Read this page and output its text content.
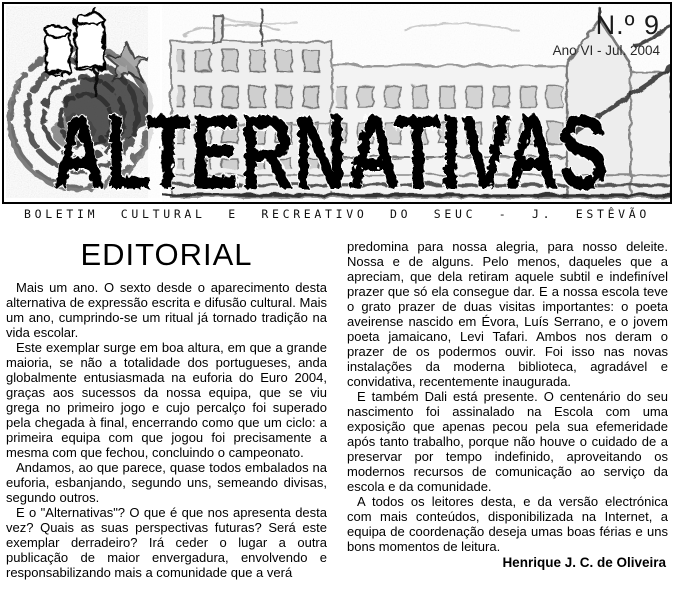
N.º 9
Ano VI - Jul. 2004
ALTERNATIVAS
BOLETIM CULTURAL E RECREATIVO DO SEUC - J. ESTÊVÃO
EDITORIAL

Mais um ano. O sexto desde o aparecimento desta alternativa de expressão escrita e difusão cultural. Mais um ano, cumprindo-se um ritual já tornado tradição na vida escolar.

Este exemplar surge em boa altura, em que a grande maioria, se não a totalidade dos portugueses, anda globalmente entusiasmada na euforia do Euro 2004, graças aos sucessos da nossa equipa, que se viu grega no primeiro jogo e cujo percalço foi superado pela chegada à final, encerrando como que um ciclo: a primeira equipa com que jogou foi precisamente a mesma com que fechou, concluindo o campeonato.

Andamos, ao que parece, quase todos embalados na euforia, esbanjando, segundo uns, semeando divisas, segundo outros.

E o "Alternativas"? O que é que nos apresenta desta vez? Quais as suas perspectivas futuras? Será este exemplar derradeiro? Irá ceder o lugar a outra publicação de maior envergadura, envolvendo e responsabilizando mais a comunidade que a verá

predomina para nossa alegria, para nosso deleite. Nossa e de alguns. Pelo menos, daqueles que a apreciam, que dela retiram aquele subtil e indefinível prazer que só ela consegue dar. E a nossa escola teve o grato prazer de duas visitas importantes: o poeta aveirense nascido em Évora, Luís Serrano, e o jovem poeta jamaicano, Levi Tafari. Ambos nos deram o prazer de os podermos ouvir. Foi isso nas novas instalações da moderna biblioteca, agradável e convidativa, recentemente inaugurada.

E também Dali está presente. O centenário do seu nascimento foi assinalado na Escola com uma exposição que apenas pecou pela sua efemeridade após tanto trabalho, porque não houve o cuidado de a preservar por tempo indefinido, aproveitando os modernos recursos de comunicação ao serviço da escola e da comunidade.

A todos os leitores desta, e da versão electrónica com mais conteúdos, disponibilizada na Internet, a equipa de coordenação deseja umas boas férias e uns bons momentos de leitura.

Henrique J. C. de Oliveira
